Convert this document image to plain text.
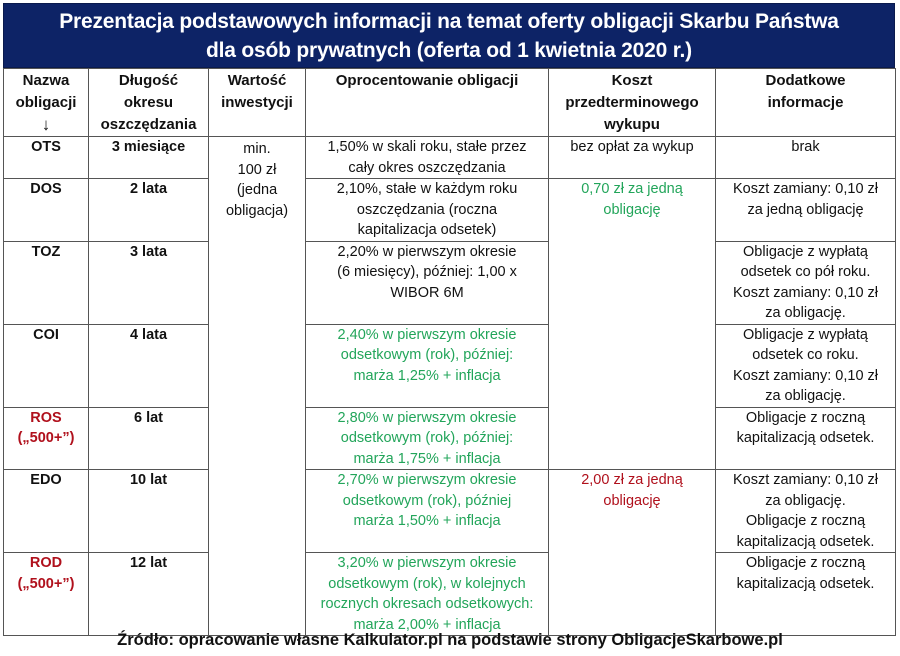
Prezentacja podstawowych informacji na temat oferty obligacji Skarbu Państwa
dla osób prywatnych (oferta od 1 kwietnia 2020 r.)
Nazwa
obligacji
↓	Długość
okresu
oszczędzania	Wartość
inwestycji	Oprocentowanie obligacji	Koszt
przedterminowego
wykupu	Dodatkowe
informacje

OTS	3 miesiące	min.
100 zł
(jedna
obligacja)	1,50% w skali roku, stałe przez
cały okres oszczędzania	bez opłat za wykup	brak

DOS	2 lata		2,10%, stałe w każdym roku
oszczędzania (roczna
kapitalizacja odsetek)	0,70 zł za jedną
obligację	Koszt zamiany: 0,10 zł
za jedną obligację

TOZ	3 lata		2,20% w pierwszym okresie
(6 miesięcy), później: 1,00 x
WIBOR 6M		Obligacje z wypłatą
odsetek co pół roku.
Koszt zamiany: 0,10 zł
za obligację.

COI	4 lata		2,40% w pierwszym okresie
odsetkowym (rok), później:
marża 1,25% + inflacja		Obligacje z wypłatą
odsetek co roku.
Koszt zamiany: 0,10 zł
za obligację.

ROS
(„500+”)	6 lat		2,80% w pierwszym okresie
odsetkowym (rok), później:
marża 1,75% + inflacja		Obligacje z roczną
kapitalizacją odsetek.

EDO	10 lat		2,70% w pierwszym okresie
odsetkowym (rok), później
marża 1,50% + inflacja	2,00 zł za jedną
obligację	Koszt zamiany: 0,10 zł
za obligację.
Obligacje z roczną
kapitalizacją odsetek.

ROD
(„500+”)	12 lat		3,20% w pierwszym okresie
odsetkowym (rok), w kolejnych
rocznych okresach odsetkowych:
marża 2,00% + inflacja		Obligacje z roczną
kapitalizacją odsetek.
Źródło: opracowanie własne Kalkulator.pl na podstawie strony ObligacjeSkarbowe.pl
